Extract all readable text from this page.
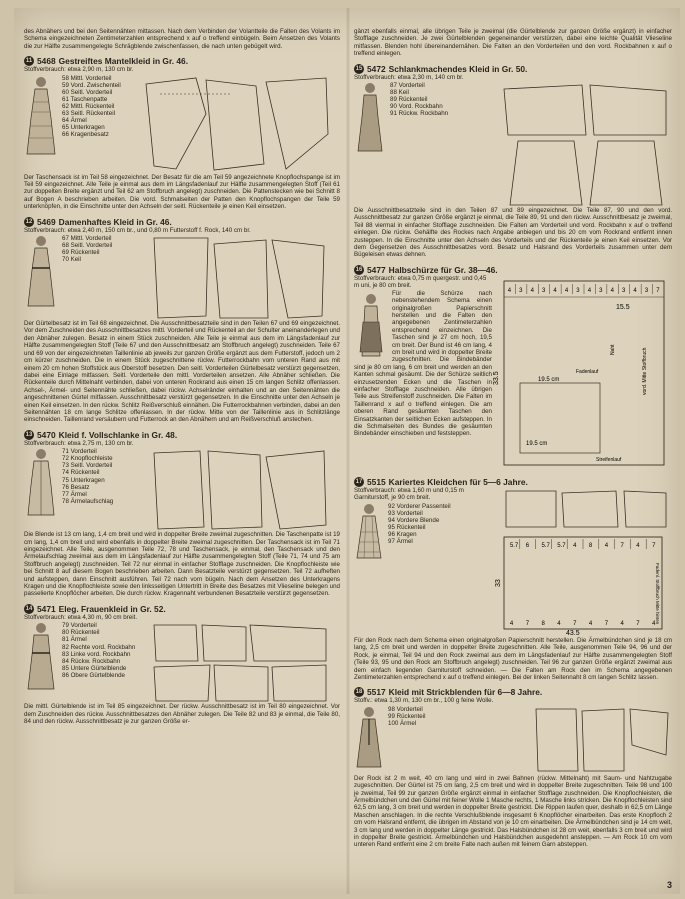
des Abnähers und bei den Seitennähten mittassen. Nach dem Verbinden der Volantteile die Falten des Volants im Schema eingezeichneten Zentimeterzahlen entsprechend x auf o treffend einbügeln. Beim Ansetzen des Volants die zur Hälfte zusammengelegte Schrägblende zwischenfassen, die nach unten gebügelt wird.

11 5468 Gestreiftes Mantelkleid in Gr. 46.
Stoffverbrauch: etwa 2,90 m, 130 cm br.
58 Mittl. Vorderteil
59 Vord. Zwischenteil
60 Seitl. Vorderteil
61 Taschenpatte
62 Mittl. Rückenteil
63 Seitl. Rückenteil
64 Ärmel
65 Unterkragen
66 Kragenbesatz

Der Taschensack ist im Teil 58 eingezeichnet. Der Besatz für die am Teil 59 angezeichnete Knopflochspange ist im Teil 59 eingezeichnet. Alle Teile je einmal aus dem im Längsfadenlauf zur Hälfte zusammengelegten Stoff (Teil 61 zur doppelten Breite ergänzt und Teil 62 am Stoffbruch angelegt) zuschneiden. Die Pattenstecken wie bei Schnitt 8 auf Bogen A beschrieben arbeiten. Die vord. Schmalseiten der Patten den Knopflochspangen der Teile 59 unterknöpfen, in die Einschnitte unter den Achseln der seitl. Rückenteile je einen Keil einsetzen.

12 5469 Damenhaftes Kleid in Gr. 46.
Stoffverbrauch: etwa 2,40 m, 150 cm br., und 0,80 m Futterstoff f. Rock, 140 cm br.
67 Mittl. Vorderteil
68 Seitl. Vorderteil
69 Rückenteil
70 Keil

Der Gürtelbesatz ist im Teil 68 eingezeichnet. Die Ausschnittbesatzteile sind in den Teilen 67 und 69 eingezeichnet. Vor dem Zuschneiden des Ausschnittbesatzes mittl. Vorderteil und Rückenteil an der Schulter aneinanderlegen und den Abnäher zulegen. Besatz in einem Stück zuschneiden. Alle Teile je einmal aus dem im Längsfadenlauf zur Hälfte zusammengelegten Stoff (Teile 67 und den Ausschnittbesatz am Stoffbruch angelegt) zuschneiden. Teile 67 und 69 von der eingezeichneten Taillenlinie ab jeweils zur ganzen Größe ergänzt aus dem Futterstoff, jedoch um 2 cm kürzer zuschneiden. Die in einem Stück zugeschnittene rückw. Futterrockbahn vom unteren Rand aus mit einem 20 cm hohen Stoffstück aus Oberstoff besetzen. Den seitl. Vorderteilen Gürtelbesatz verstürzt gegensetzen, dabei eine Einlage mitfassen. Seitl. Vorderteile den mittl. Vorderteilen ansetzen. Alle Abnäher schließen. Die Rückenteile durch Mittelnaht verbinden, dabei von unteren Rockrand aus einen 15 cm langen Schlitz offenlassen. Achsel-, Ärmel- und Seitennähte schließen, dabei rückw. Achselränder einhalten und an den Seitennähten die angeschnittenen Gürtel mitfassen. Ausschnittbesatz verstürzt gegensetzen. In die Einschnitte unter den Achseln je einen Keil einsetzen. In den rückw. Schlitz Reißverschluß einnähen. Die Futterrockbahnen verbinden, dabei an den Seitennähten 18 cm lange Schlitze offenlassen. In der rückw. Mitte von der Taillenlinie aus in Schlitzlänge einschneiden. Taillenrand versäubern und Futterrock an den Abnähern und am Reißverschluß anstechen.

13 5470 Kleid f. Vollschlanke in Gr. 48.
Stoffverbrauch: etwa 2,75 m, 130 cm br.
71 Vorderteil
72 Knopflochleiste
73 Seitl. Vorderteil
74 Rückenteil
75 Unterkragen
76 Besatz
77 Ärmel
78 Ärmelaufschlag

Die Blende ist 13 cm lang, 1,4 cm breit und wird in doppelter Breite zweimal zugeschnitten. Die Taschenpatte ist 19 cm lang, 1,4 cm breit und wird ebenfalls in doppelter Breite zweimal zugeschnitten. Der Taschensack ist im Teil 71 eingezeichnet. Alle Teile, ausgenommen Teile 72, 78 und Taschensack, je einmal, den Taschensack und den Ärmelaufschlag zweimal aus dem im Längsfadenlauf zur Hälfte zusammengelegten Stoff (Teile 71, 74 und 75 am Stoffbruch angelegt) zuschneiden. Teil 72 nur einmal in einfacher Stofflage zuschneiden. Die Knopflochleiste wie bei Schnitt 8 auf diesem Bogen beschrieben arbeiten. Dann Besatzteile verstürzt gegensetzen. Teil 72 aufheften und aufsteppen, dann Einschnitt ausführen. Teil 72 nach vorn bügeln. Nach dem Ansetzen des Unterkragens Kragen und die Knopflochleiste sowie den linksseitigen Untertritt in Breite des Besatzes mit Vlieseline belegen und passelierte Knopflöcher arbeiten. Die durch rückw. Kragennaht verbundenen Besatzteile verstürzt gegensetzen.

14 5471 Eleg. Frauenkleid in Gr. 52.
Stoffverbrauch: etwa 4,30 m, 90 cm breit.
79 Vorderteil
80 Rückenteil
81 Ärmel
82 Rechte vord. Rockbahn
83 Linke vord. Rockbahn
84 Rückw. Rockbahn
85 Untere Gürtelblende
86 Obere Gürtelblende

Die mittl. Gürtelblende ist im Teil 85 eingezeichnet. Der rückw. Ausschnittbesatz ist im Teil 80 eingezeichnet. Vor dem Zuschneiden des rückw. Ausschnittbesatzes den Abnäher zulegen. Die Teile 82 und 83 je einmal, die Teile 80, 84 und den rückw. Ausschnittbesatz je zur ganzen Größe er-

gänzt ebenfalls einmal, alle übrigen Teile je zweimal (die Gürtelblende zur ganzen Größe ergänzt) in einfacher Stofflage zuschneiden. Je zwei Gürtelblenden gegeneinander verstürzen, dabei eine leichte Qualität Vlieseline mitfassen. Blenden hohl übereinandernähen. Die Falten an den Vorderteilen und den vord. Rockbahnen x auf o treffend einlegen.

15 5472 Schlankmachendes Kleid in Gr. 50.
Stoffverbrauch: etwa 2,30 m, 140 cm br.
87 Vorderteil
88 Keil
89 Rückenteil
90 Vord. Rockbahn
91 Rückw. Rockbahn

Die Ausschnittbesatzteile sind in den Teilen 87 und 89 eingezeichnet. Die Teile 87, 90 und den vord. Ausschnittbesatz zur ganzen Größe ergänzt je einmal, die Teile 89, 91 und den rückw. Ausschnittbesatz je zweimal, Teil 88 viermal in einfacher Stofflage zuschneiden. Die Falten am Vorderteil und vord. Rockbahn x auf o treffend einlegen. Die rückw. Gehälfte des Rockes nach Angabe anbiegen und bis 20 cm vom Rockrand entfernt innen zusteppen. In die Einschnitte unter den Achseln des Vorderteils und der Rückenteile je einen Keil einsetzen. Vor dem Gegensetzen des Ausschnittbesatzes vord. Besatz und Halsrand des Vorderteils zusammen unter dem Bügeleisen etwas dehnen.

16 5477 Halbschürze für Gr. 38—46.
Stoffverbrauch: etwa 0,75 m quergestr. und 0,45 m uni, je 80 cm breit.

Für die Schürze nach nebenstehendem Schema einen originalgroßen Papierschnitt herstellen und die Falten den angegebenen Zentimeterzahlen entsprechend einzeichnen. Die Taschen sind je 27 cm hoch, 19,5 cm breit. Der Bund ist 46 cm lang, 4 cm breit und wird in doppelter Breite zugeschnitten. Die Bindebänder sind je 80 cm lang, 6 cm breit und werden an den Kanten schmal gesäumt. Die der Schürze seitlich einzusetzenden Ecken und die Taschen in einfacher Stofflage zuschneiden. Alle übrigen Teile aus Streifenstoff zuschneiden. Die Falten im Taillenrand x auf o treffend einlegen. Die am oberen Rand gesäumten Taschen den Einsatzkanten der seitlichen Ecken aufsteppen. In die Schmalseiten des Bundes die gesäumten Bindebänder einschieben und feststeppen.

4 3 4 3 4 4 3 4 3 4 3 4 3 7
15.5
33.5	19.5 cm
19.5 cm
Fadenlauf	vord. Mitte Stoffbruch
Naht
Streifenlauf
17 5515 Kariertes Kleidchen für 5—6 Jahre.
Stoffverbrauch: etwa 1,60 m und 0,15 m Garniturstoff, je 90 cm breit.
92 Vorderer Passenteil
93 Vorderteil
94 Vordere Blende
95 Rückenteil
96 Kragen
97 Ärmel
5.7 6 5.7 5.7 4 8 4 7 4 7
4 7 8 4 7 4 7 4 7 4
43.5
33	Fadenl. Stoffbruch Mitte hinten

Für den Rock nach dem Schema einen originalgroßen Papierschnitt herstellen. Die Ärmelbündchen sind je 18 cm lang, 2,5 cm breit und werden in doppelter Breite zugeschnitten. Alle Teile, ausgenommen Teile 94, 96 und der Rock, je einmal, Teil 94 und den Rock zweimal aus dem im Längsfadenlauf zur Hälfte zusammengelegten Stoff (Teile 93, 95 und den Rock am Stoffbruch angelegt) zuschneiden. Teil 96 zur ganzen Größe ergänzt zweimal aus dem einfach liegenden Garniturstoff schneiden. — Die Falten am Rock den im Schema angegebenen Zentimeterzahlen entsprechend x auf o treffend einlegen. Bei der linken Seitennaht 8 cm langen Schlitz lassen.

18 5517 Kleid mit Strickblenden für 6—8 Jahre.
Stoffv.: etwa 1,30 m, 130 cm br., 100 g feine Wolle.
98 Vorderteil
99 Rückenteil
100 Ärmel

Der Rock ist 2 m weit, 40 cm lang und wird in zwei Bahnen (rückw. Mittelnaht) mit Saum- und Nahtzugabe zugeschnitten. Der Gürtel ist 75 cm lang, 2,5 cm breit und wird in doppelter Breite zugeschnitten. Teile 98 und 100 je zweimal, Teil 99 zur ganzen Größe ergänzt einmal in einfacher Stofflage zuschneiden. Die Knopflochleisten, die Ärmelbündchen und den Gürtel mit feiner Wolle 1 Masche rechts, 1 Masche links stricken. Die Knopflochleisten sind 62,5 cm lang, 3 cm breit und werden in doppelter Breite gestrickt. Die Rippen laufen quer, deshalb in 62,5 cm Länge Maschen anschlagen. In die rechte Verschlußblende insgesamt 6 Knopflöcher einarbeiten. Das erste Knopfloch 2 cm vom Halsrand entfernt, die übrigen im Abstand von je 10 cm einarbeiten. Die Ärmelbündchen sind je 14 cm weit, 3 cm lang und werden in doppelter Länge gestrickt. Das Halsbündchen ist 28 cm weit, ebenfalls 3 cm breit und wird in doppelter Breite gestrickt. Ärmelbündchen und Halsbündchen ausgedehnt ansteppen. — Am Rock 10 cm vom unteren Rand entfernt eine 2 cm breite Falte nach außen mit feinem Garn absteppen.

3
